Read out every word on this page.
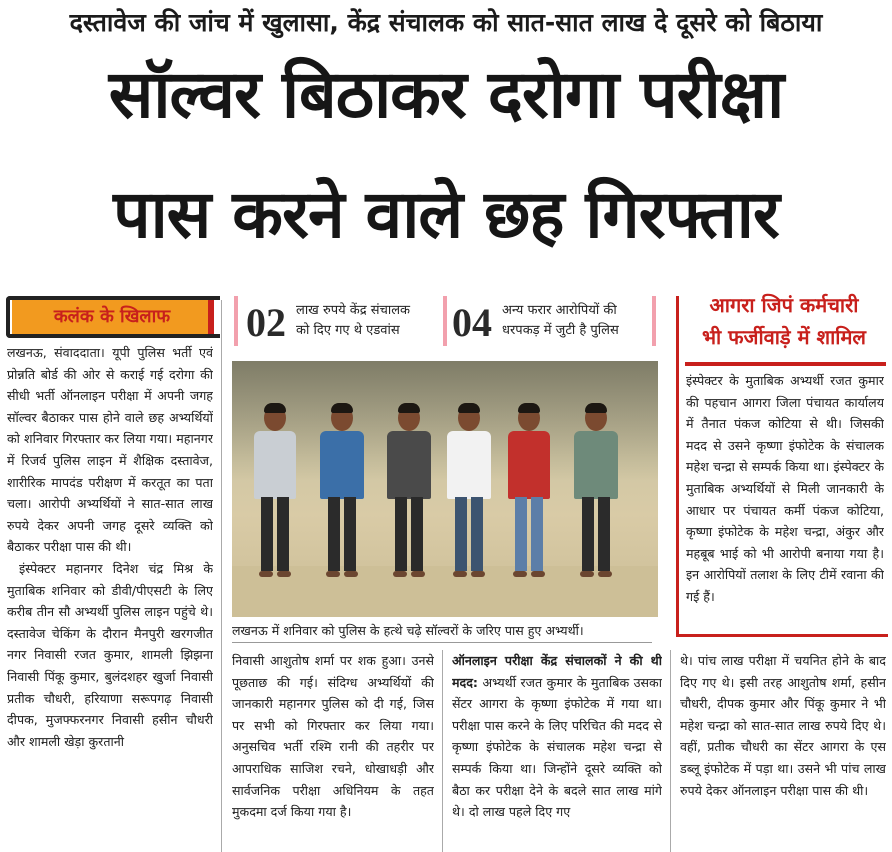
दस्तावेज की जांच में खुलासा, केंद्र संचालक को सात-सात लाख दे दूसरे को बिठाया
सॉल्वर बिठाकर दरोगा परीक्षा
पास करने वाले छह गिरफ्तार
कलंक के खिलाफ	02 लाख रुपये केंद्र संचालक
को दिए गए थे एडवांस 04 अन्य फरार आरोपियों की
धरपकड़ में जुटी है पुलिस

लखनऊ, संवाददाता। यूपी पुलिस भर्ती एवं प्रोन्नति बोर्ड की ओर से कराई गई दरोगा की सीधी भर्ती ऑनलाइन परीक्षा में अपनी जगह सॉल्वर बैठाकर पास होने वाले छह अभ्यर्थियों को शनिवार गिरफ्तार कर लिया गया। महानगर में रिजर्व पुलिस लाइन में शैक्षिक दस्तावेज, शारीरिक मापदंड परीक्षण में करतूत का पता चला। आरोपी अभ्यर्थियों ने सात-सात लाख रुपये देकर अपनी जगह दूसरे व्यक्ति को बैठाकर परीक्षा पास की थी।

इंस्पेक्टर महानगर दिनेश चंद्र मिश्र के मुताबिक शनिवार को डीवी/पीएसटी के लिए करीब तीन सौ अभ्यर्थी पुलिस लाइन पहुंचे थे। दस्तावेज चेकिंग के दौरान मैनपुरी खरगजीत नगर निवासी रजत कुमार, शामली झिझना निवासी पिंकू कुमार, बुलंदशहर खुर्जा निवासी प्रतीक चौधरी, हरियाणा सरूपगढ़ निवासी दीपक, मुजफ्फरनगर निवासी हसीन चौधरी और शामली खेड़ा कुरतानी

लखनऊ में शनिवार को पुलिस के हत्थे चढ़े सॉल्वरों के जरिए पास हुए अभ्यर्थी।

निवासी आशुतोष शर्मा पर शक हुआ। उनसे पूछताछ की गई। संदिग्ध अभ्यर्थियों की जानकारी महानगर पुलिस को दी गई, जिस पर सभी को गिरफ्तार कर लिया गया। अनुसचिव भर्ती रश्मि रानी की तहरीर पर आपराधिक साजिश रचने, धोखाधड़ी और सार्वजनिक परीक्षा अधिनियम के तहत मुकदमा दर्ज किया गया है।

ऑनलाइन परीक्षा केंद्र संचालकों ने की थी मदद: अभ्यर्थी रजत कुमार के मुताबिक उसका सेंटर आगरा के कृष्णा इंफोटेक में गया था। परीक्षा पास करने के लिए परिचित की मदद से कृष्णा इंफोटेक के संचालक महेश चन्द्रा से सम्पर्क किया था। जिन्होंने दूसरे व्यक्ति को बैठा कर परीक्षा देने के बदले सात लाख मांगे थे। दो लाख पहले दिए गए

आगरा जिपं कर्मचारी
भी फर्जीवाड़े में शामिल
इंस्पेक्टर के मुताबिक अभ्यर्थी रजत कुमार की पहचान आगरा जिला पंचायत कार्यालय में तैनात पंकज कोटिया से थी। जिसकी मदद से उसने कृष्णा इंफोटेक के संचालक महेश चन्द्रा से सम्पर्क किया था। इंस्पेक्टर के मुताबिक अभ्यर्थियों से मिली जानकारी के आधार पर पंचायत कर्मी पंकज कोटिया, कृष्णा इंफोटेक के महेश चन्द्रा, अंकुर और महबूब भाई को भी आरोपी बनाया गया है। इन आरोपियों तलाश के लिए टीमें रवाना की गई हैं।

थे। पांच लाख परीक्षा में चयनित होने के बाद दिए गए थे। इसी तरह आशुतोष शर्मा, हसीन चौधरी, दीपक कुमार और पिंकू कुमार ने भी महेश चन्द्रा को सात-सात लाख रुपये दिए थे। वहीं, प्रतीक चौधरी का सेंटर आगरा के एस डब्लू इंफोटेक में पड़ा था। उसने भी पांच लाख रुपये देकर ऑनलाइन परीक्षा पास की थी।
